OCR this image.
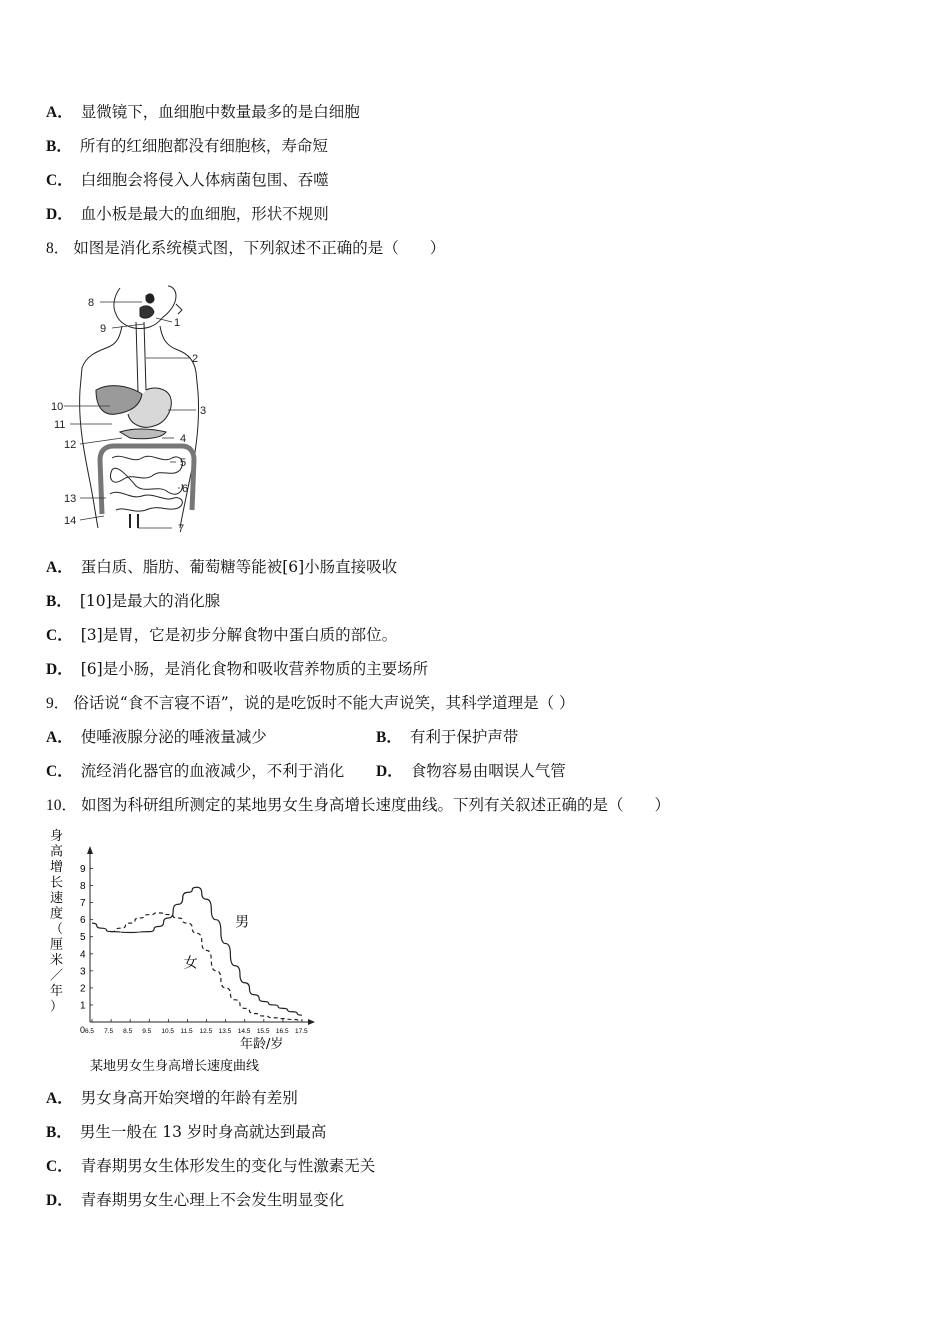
A． 显微镜下，血细胞中数量最多的是白细胞
B． 所有的红细胞都没有细胞核，寿命短
C． 白细胞会将侵入人体病菌包围、吞噬
D． 血小板是最大的血细胞，形状不规则
8． 如图是消化系统模式图，下列叙述不正确的是（　　）
8
9	1
2
10	3
11
4
12
5
6
13
14
7
A． 蛋白质、脂肪、葡萄糖等能被[6]小肠直接吸收
B． [10]是最大的消化腺
C． [3]是胃，它是初步分解食物中蛋白质的部位。
D． [6]是小肠，是消化食物和吸收营养物质的主要场所
9． 俗话说“食不言寝不语”，说的是吃饭时不能大声说笑，其科学道理是（ ）
A． 使唾液腺分泌的唾液量减少	B． 有利于保护声带
C． 流经消化器官的血液减少，不利于消化 D． 食物容易由咽误人气管
10． 如图为科研组所测定的某地男女生身高增长速度曲线。下列有关叙述正确的是（　　）
身
高
增
长
速
度
（
厘
米
／
年
） 1
2
3
4
5
6
7
8
9
6.5 7.5 8.5 9.5 10.5 11.5 12.5 13.5 14.5 15.5 16.5 17.5
男
女
0
年龄/岁
某地男女生身高增长速度曲线
A． 男女身高开始突增的年龄有差别
B． 男生一般在 13 岁时身高就达到最高
C． 青春期男女生体形发生的变化与性激素无关
D． 青春期男女生心理上不会发生明显变化
